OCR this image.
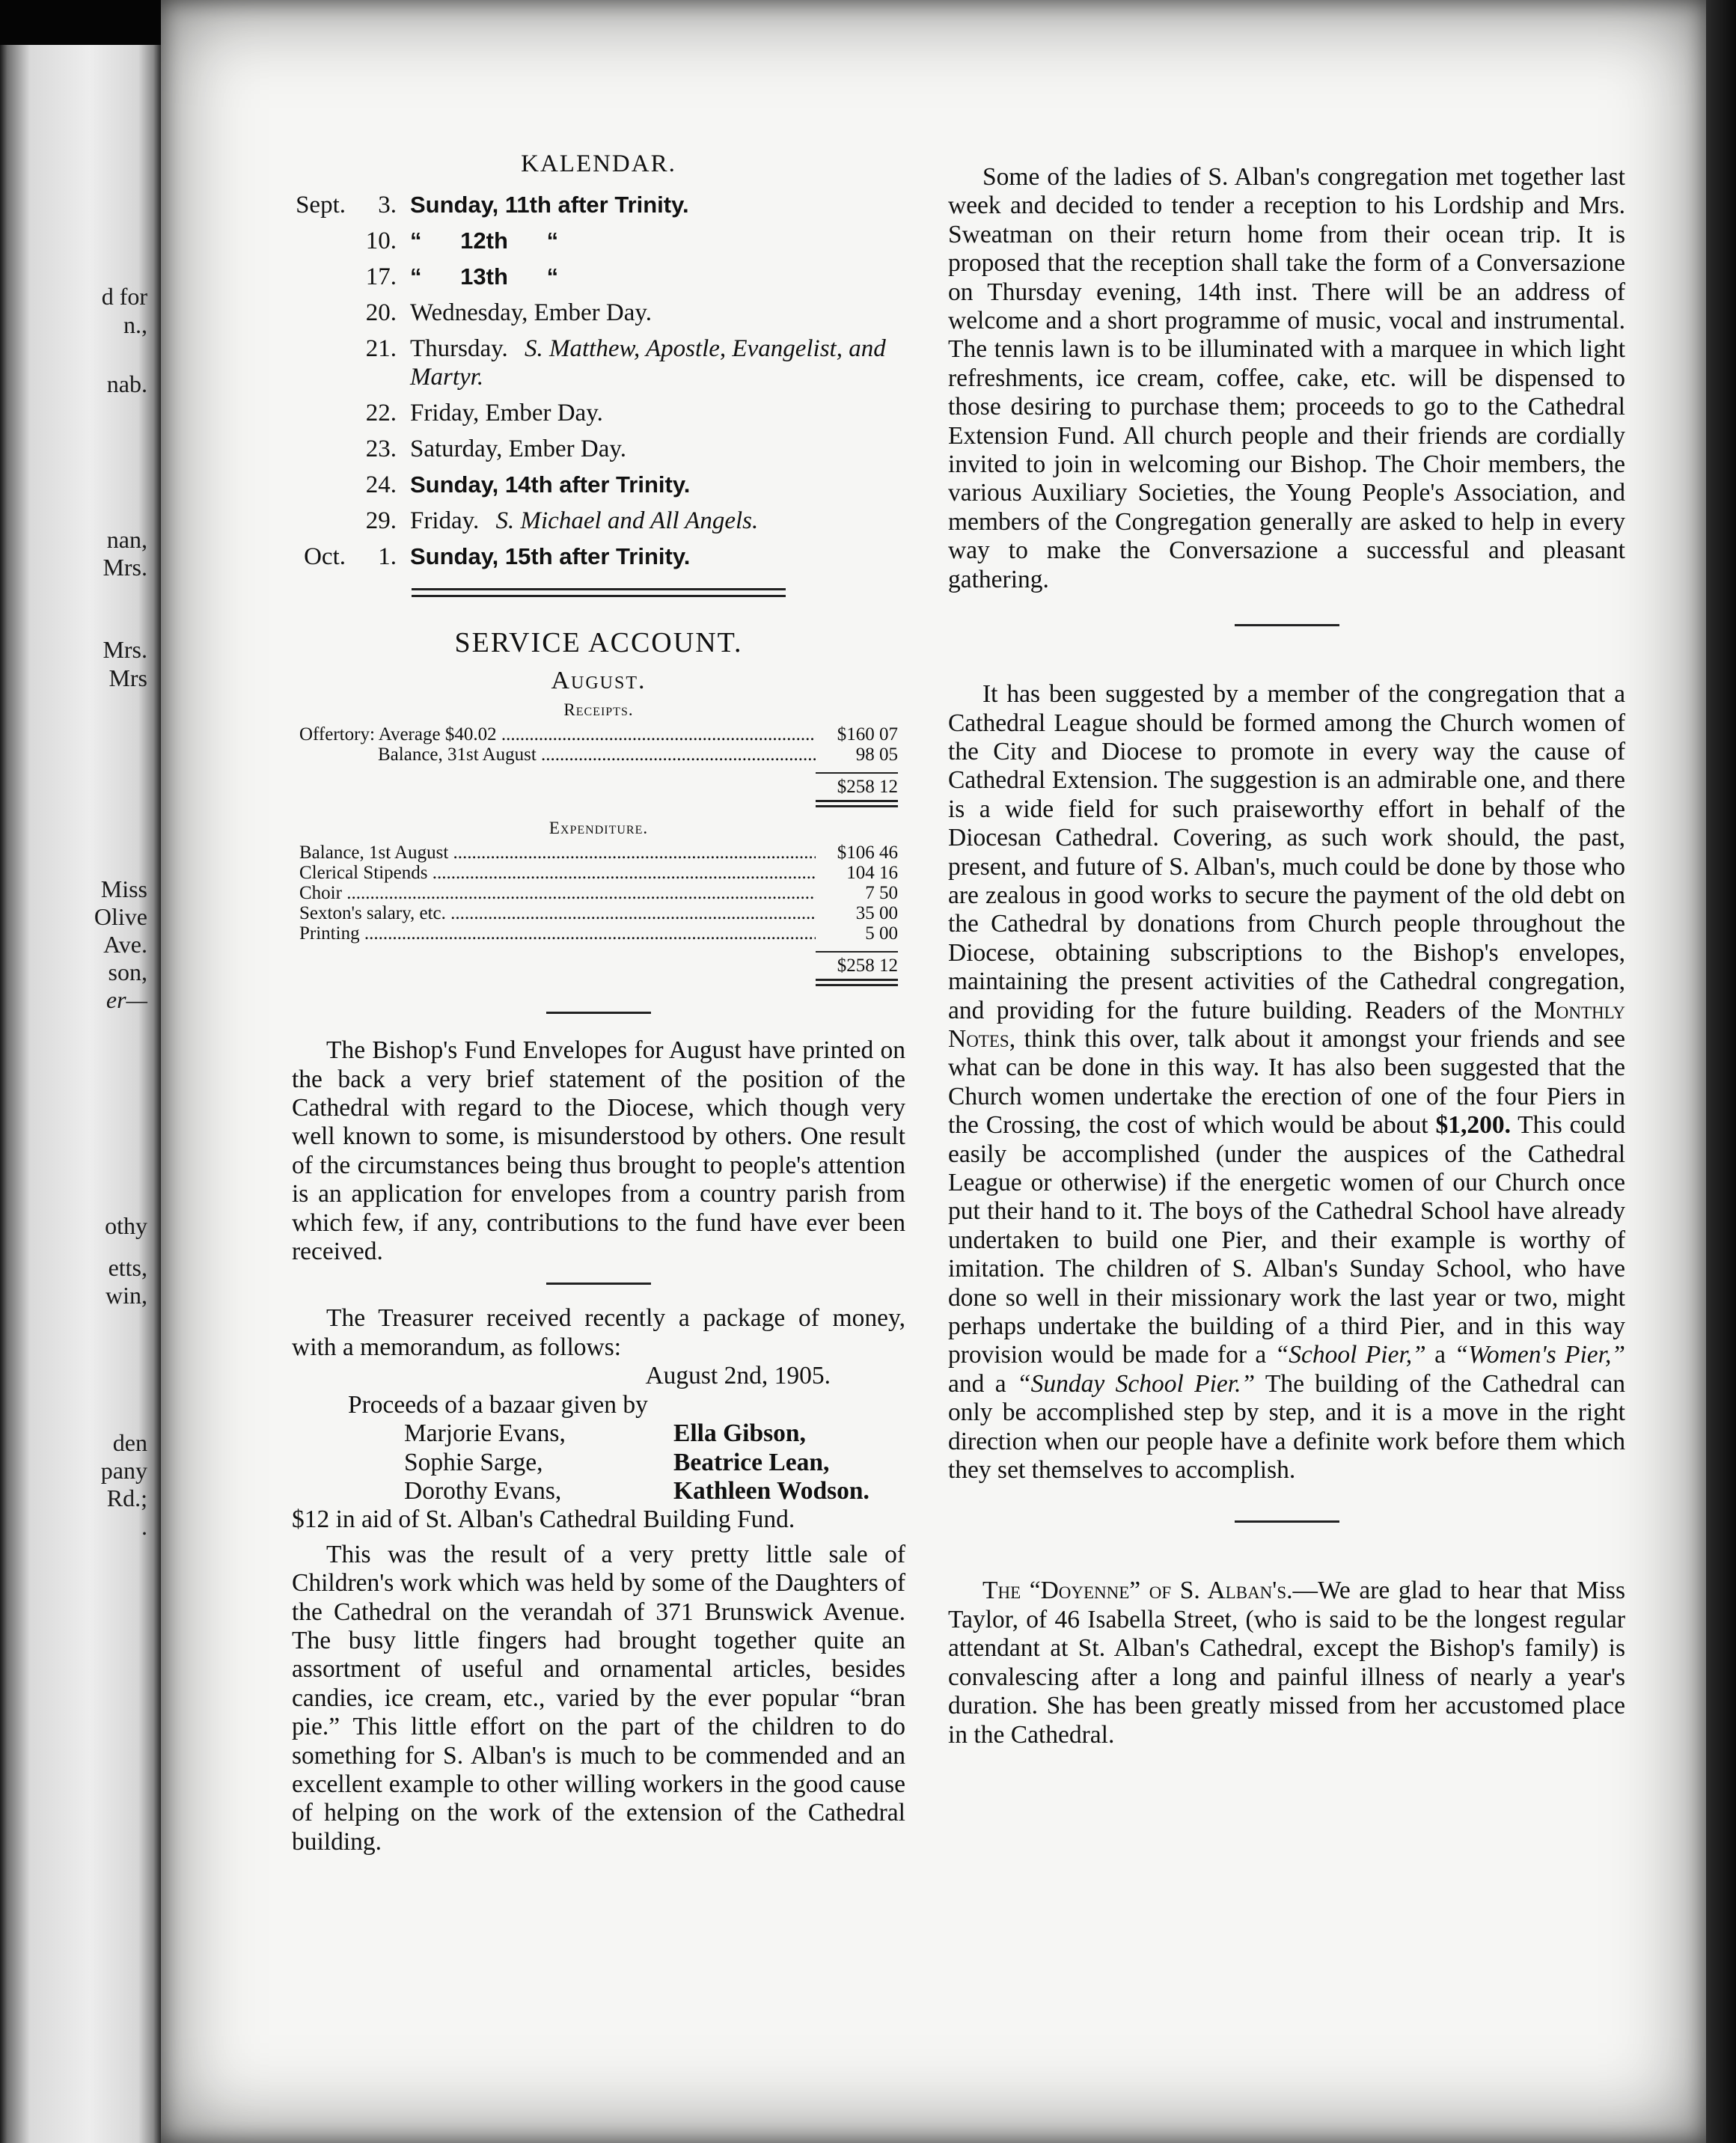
d for
n.,
nab.
nan,
Mrs.
Mrs.
Mrs
Miss
Olive
Ave.
son,
er—
othy
etts,
win,
den
pany
Rd.;
.
KALENDAR.
Sept.	3.	Sunday, 11th after Trinity.
	10.	“      12th      “
	17.	“      13th      “
	20.	Wednesday, Ember Day.
	21.	Thursday. S. Matthew, Apostle, Evangelist, and Martyr.
	22.	Friday, Ember Day.
	23.	Saturday, Ember Day.
	24.	Sunday, 14th after Trinity.
	29.	Friday. S. Michael and All Angels.
Oct.	1.	Sunday, 15th after Trinity.
SERVICE ACCOUNT.
August.
Receipts.
Offertory: Average $40.02 .....	$160 07
Balance, 31st August .....	98 05
$258 12
Expenditure.
Balance, 1st August .....	$106 46
Clerical Stipends .....	104 16
Choir .....	7 50
Sexton's salary, etc. .....	35 00
Printing .....	5 00
$258 12

The Bishop's Fund Envelopes for August have printed on the back a very brief statement of the position of the Cathedral with regard to the Diocese, which though very well known to some, is misunderstood by others. One result of the circumstances being thus brought to people's attention is an application for envelopes from a country parish from which few, if any, contributions to the fund have ever been received.

The Treasurer received recently a package of money, with a memorandum, as follows:

August 2nd, 1905.
Proceeds of a bazaar given by
Marjorie Evans,	Ella Gibson,
Sophie Sarge,	Beatrice Lean,
Dorothy Evans,	Kathleen Wodson.
$12 in aid of St. Alban's Cathedral Building Fund.

This was the result of a very pretty little sale of Children's work which was held by some of the Daughters of the Cathedral on the verandah of 371 Brunswick Avenue. The busy little fingers had brought together quite an assortment of useful and ornamental articles, besides candies, ice cream, etc., varied by the ever popular “bran pie.” This little effort on the part of the children to do something for S. Alban's is much to be commended and an excellent example to other willing workers in the good cause of helping on the work of the extension of the Cathedral building.

Some of the ladies of S. Alban's congregation met together last week and decided to tender a reception to his Lordship and Mrs. Sweatman on their return home from their ocean trip. It is proposed that the reception shall take the form of a Conversazione on Thursday evening, 14th inst. There will be an address of welcome and a short programme of music, vocal and instrumental. The tennis lawn is to be illuminated with a marquee in which light refreshments, ice cream, coffee, cake, etc. will be dispensed to those desiring to purchase them; proceeds to go to the Cathedral Extension Fund. All church people and their friends are cordially invited to join in welcoming our Bishop. The Choir members, the various Auxiliary Societies, the Young People's Association, and members of the Congregation generally are asked to help in every way to make the Conversazione a successful and pleasant gathering.

It has been suggested by a member of the congregation that a Cathedral League should be formed among the Church women of the City and Diocese to promote in every way the cause of Cathedral Extension. The suggestion is an admirable one, and there is a wide field for such praiseworthy effort in behalf of the Diocesan Cathedral. Covering, as such work should, the past, present, and future of S. Alban's, much could be done by those who are zealous in good works to secure the payment of the old debt on the Cathedral by donations from Church people throughout the Diocese, obtaining subscriptions to the Bishop's envelopes, maintaining the present activities of the Cathedral congregation, and providing for the future building. Readers of the Monthly Notes, think this over, talk about it amongst your friends and see what can be done in this way. It has also been suggested that the Church women undertake the erection of one of the four Piers in the Crossing, the cost of which would be about $1,200. This could easily be accomplished (under the auspices of the Cathedral League or otherwise) if the energetic women of our Church once put their hand to it. The boys of the Cathedral School have already undertaken to build one Pier, and their example is worthy of imitation. The children of S. Alban's Sunday School, who have done so well in their missionary work the last year or two, might perhaps undertake the building of a third Pier, and in this way provision would be made for a “School Pier,” a “Women's Pier,” and a “Sunday School Pier.” The building of the Cathedral can only be accomplished step by step, and it is a move in the right direction when our people have a definite work before them which they set themselves to accomplish.

The “Doyenne” of S. Alban's.—We are glad to hear that Miss Taylor, of 46 Isabella Street, (who is said to be the longest regular attendant at St. Alban's Cathedral, except the Bishop's family) is convalescing after a long and painful illness of nearly a year's duration. She has been greatly missed from her accustomed place in the Cathedral.
